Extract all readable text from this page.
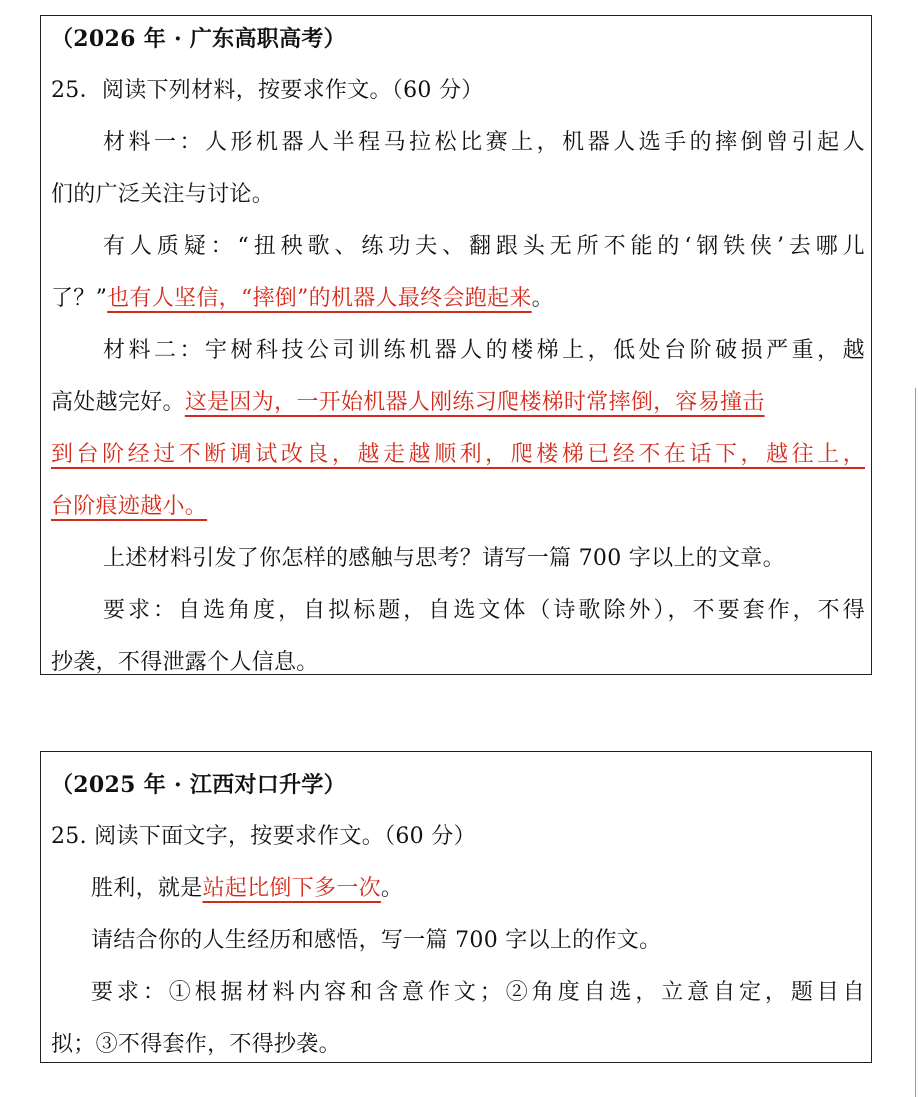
（2026 年 · 广东高职高考）
25．阅读下列材料，按要求作文。（60 分）
材料一：人形机器人半程马拉松比赛上，机器人选手的摔倒曾引起人
们的广泛关注与讨论。
有人质疑：“扭秧歌、练功夫、翻跟头无所不能的‘钢铁侠’去哪儿
了？”也有人坚信，“摔倒”的机器人最终会跑起来。
材料二：宇树科技公司训练机器人的楼梯上，低处台阶破损严重，越
高处越完好。这是因为，一开始机器人刚练习爬楼梯时常摔倒，容易撞击
到台阶经过不断调试改良，越走越顺利，爬楼梯已经不在话下，越往上，
台阶痕迹越小。
上述材料引发了你怎样的感触与思考？请写一篇 700 字以上的文章。
要求：自选角度，自拟标题，自选文体（诗歌除外），不要套作，不得
抄袭，不得泄露个人信息。
（2025 年 · 江西对口升学）
25. 阅读下面文字，按要求作文。（60 分）
胜利，就是站起比倒下多一次。
请结合你的人生经历和感悟，写一篇 700 字以上的作文。
要求：①根据材料内容和含意作文；②角度自选，立意自定，题目自
拟；③不得套作，不得抄袭。
